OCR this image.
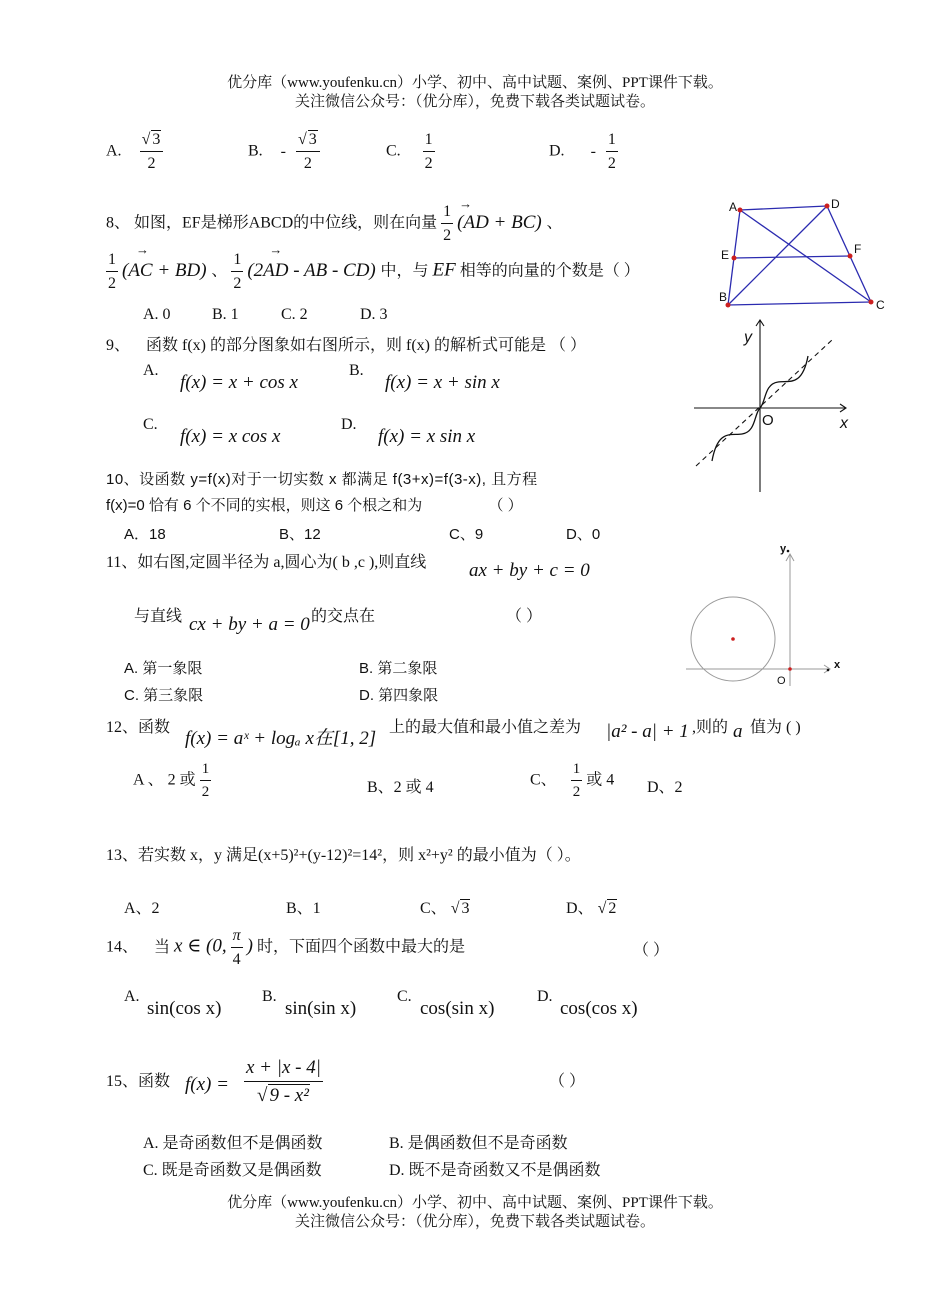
优分库（www.youfenku.cn）小学、初中、高中试题、案例、PPT课件下载。
关注微信公众号：（优分库），免费下载各类试题试卷。
A. $\frac{√ 3}{2}$	B. - $\frac{√ 3}{2}$	C. $\frac{1}{2}$	D. - $\frac{1}{2}$
8、 如图，EF是梯形ABCD的中位线，则在向量 $\frac{1}{2}$

→
(AD + BC) 、
$\frac{1}{2}$

→
(AC + BD) 、 $\frac{1}{2}$

→
(2AD - AB - CD) 中，与 EF 相等的向量的个数是（ ）
A. 0	B. 1	C. 2	D. 3
A	D
E	F
B
C
9、 函数 f(x) 的部分图象如右图所示，则 f(x) 的解析式可能是 （ ）
A.
f(x) = x + cos x
B.
f(x) = x + sin x
C.
f(x) = x cos x
D.
f(x) = x sin x
y
x
O
10、设函数 y=f(x)对于一切实数 x 都满足 f(3+x)=f(3-x), 且方程
f(x)=0 恰有 6 个不同的实根，则这 6 个根之和为	（ ）
A．18	B、12	C、9	D、0
11、如右图,定圆半径为 a,圆心为( b ,c ),则直线 ax + by + c = 0
与直线 cx + by + a = 0 的交点在	（ ）
A. 第一象限	B. 第二象限
C. 第三象限	D. 第四象限
y
x
O
12、函数
f(x) = aˣ + logₐ x在[1, 2]
上的最大值和最小值之差为 |a² - a| + 1 ,则的 a 值为 ( )
A 、 2 或 $\frac{1}{2}$	B、2 或 4	C、 $\frac{1}{2}$ 或 4 D、2
13、若实数 x，y 满足(x+5)²+(y-12)²=14²，则 x²+y² 的最小值为（ ）。
A、2	B、1	C、 √ 3	D、 √ 2
14、 当 x ∈ (0, $\frac{\pi}{4}$ ) 时，下面四个函数中最大的是	（ ）
A.
sin(cos x)
B.
sin(sin x)
C.
cos(sin x)
D.
cos(cos x)
15、函数 $f(x) = \frac{x + |x - 4|}{\text{√ 9 - x²}}$	（ ）
A. 是奇函数但不是偶函数	B. 是偶函数但不是奇函数
C. 既是奇函数又是偶函数	D. 既不是奇函数又不是偶函数
优分库（www.youfenku.cn）小学、初中、高中试题、案例、PPT课件下载。
关注微信公众号：（优分库），免费下载各类试题试卷。
